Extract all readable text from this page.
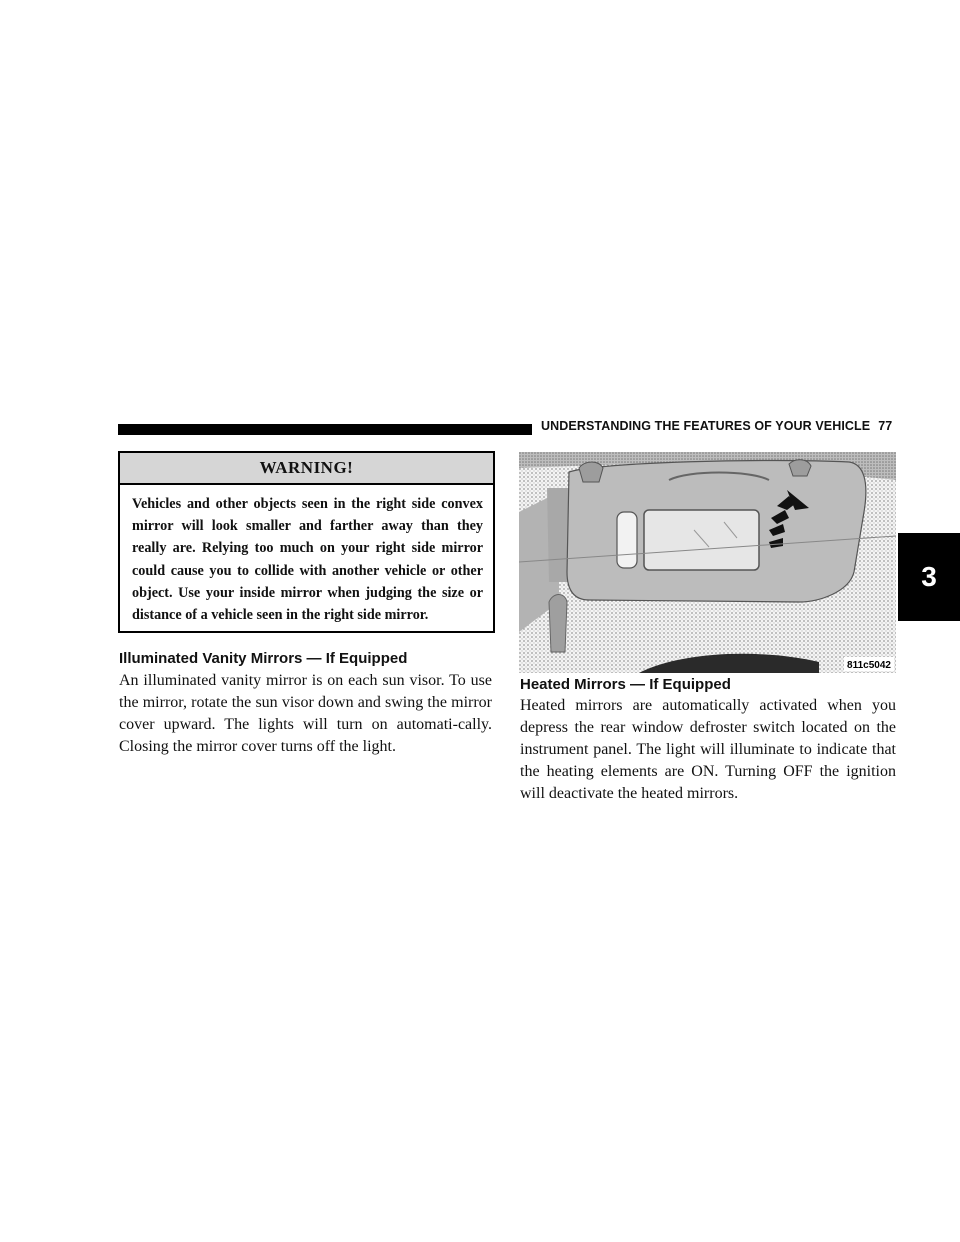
UNDERSTANDING THE FEATURES OF YOUR VEHICLE 77
3
WARNING!
Vehicles and other objects seen in the right side convex mirror will look smaller and farther away than they really are. Relying too much on your right side mirror could cause you to collide with another vehicle or other object. Use your inside mirror when judging the size or distance of a vehicle seen in the right side mirror.
Illuminated Vanity Mirrors — If Equipped
An illuminated vanity mirror is on each sun visor. To use the mirror, rotate the sun visor down and swing the mirror cover upward. The lights will turn on automati-cally. Closing the mirror cover turns off the light.
811c5042
Heated Mirrors — If Equipped
Heated mirrors are automatically activated when you depress the rear window defroster switch located on the instrument panel. The light will illuminate to indicate that the heating elements are ON. Turning OFF the ignition will deactivate the heated mirrors.
